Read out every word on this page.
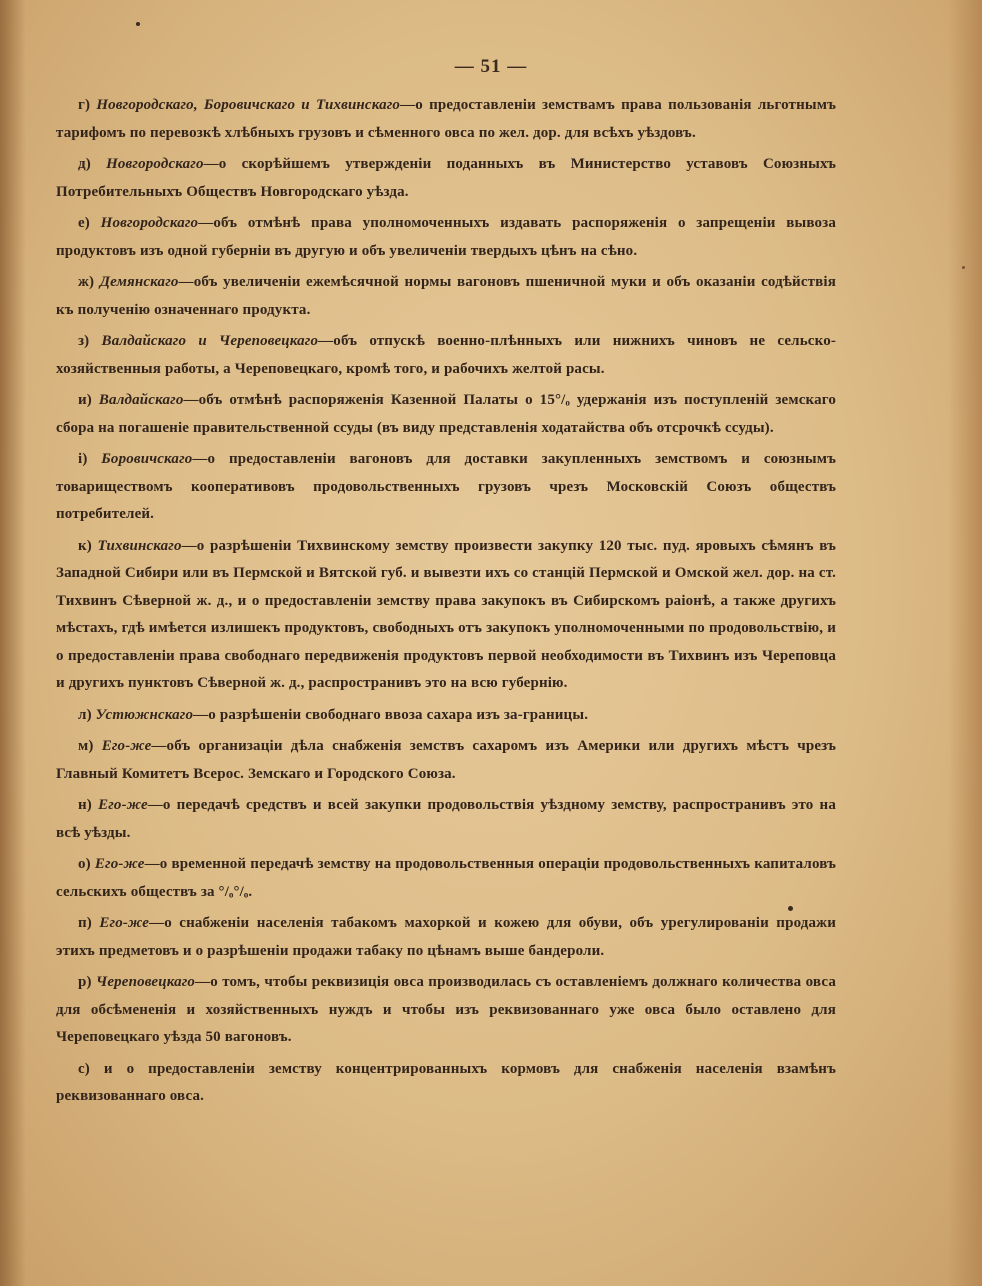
— 51 —

г) Новгородскаго, Боровичскаго и Тихвинскаго—о предоставленіи земствамъ права пользованія льготнымъ тарифомъ по перевозкѣ хлѣбныхъ грузовъ и сѣменного овса по жел. дор. для всѣхъ уѣздовъ.

д) Новгородскаго—о скорѣйшемъ утвержденіи поданныхъ въ Министерство уставовъ Союзныхъ Потребительныхъ Обществъ Новгородскаго уѣзда.

е) Новгородскаго—объ отмѣнѣ права уполномоченныхъ издавать распоряженія о запрещеніи вывоза продуктовъ изъ одной губерніи въ другую и объ увеличеніи твердыхъ цѣнъ на сѣно.

ж) Демянскаго—объ увеличеніи ежемѣсячной нормы вагоновъ пшеничной муки и объ оказаніи содѣйствія къ полученію означеннаго продукта.

з) Валдайскаго и Череповецкаго—объ отпускѣ военно-плѣнныхъ или нижнихъ чиновъ не сельско-хозяйственныя работы, а Череповецкаго, кромѣ того, и рабочихъ желтой расы.

и) Валдайскаго—объ отмѣнѣ распоряженія Казенной Палаты о 15°/ₒ удержанія изъ поступленій земскаго сбора на погашеніе правительственной ссуды (въ виду представленія ходатайства объ отсрочкѣ ссуды).

і) Боровичскаго—о предоставленіи вагоновъ для доставки закупленныхъ земствомъ и союзнымъ товариществомъ кооперативовъ продовольственныхъ грузовъ чрезъ Московскій Союзъ обществъ потребителей.

к) Тихвинскаго—о разрѣшеніи Тихвинскому земству произвести закупку 120 тыс. пуд. яровыхъ сѣмянъ въ Западной Сибири или въ Пермской и Вятской губ. и вывезти ихъ со станцій Пермской и Омской жел. дор. на ст. Тихвинъ Сѣверной ж. д., и о предоставленіи земству права закупокъ въ Сибирскомъ раіонѣ, а также другихъ мѣстахъ, гдѣ имѣется излишекъ продуктовъ, свободныхъ отъ закупокъ уполномоченными по продовольствію, и о предоставленіи права свободнаго передвиженія продуктовъ первой необходимости въ Тихвинъ изъ Череповца и другихъ пунктовъ Сѣверной ж. д., распространивъ это на всю губернію.

л) Устюжнскаго—о разрѣшеніи свободнаго ввоза сахара изъ за-границы.

м) Его-же—объ организаціи дѣла снабженія земствъ сахаромъ изъ Америки или другихъ мѣстъ чрезъ Главный Комитетъ Всерос. Земскаго и Городского Союза.

н) Его-же—о передачѣ средствъ и всей закупки продовольствія уѣздному земству, распространивъ это на всѣ уѣзды.

о) Его-же—о временной передачѣ земству на продовольственныя операціи продовольственныхъ капиталовъ сельскихъ обществъ за °/ₒ°/ₒ.

п) Его-же—о снабженіи населенія табакомъ махоркой и кожею для обуви, объ урегулированіи продажи этихъ предметовъ и о разрѣшеніи продажи табаку по цѣнамъ выше бандероли.

р) Череповецкаго—о томъ, чтобы реквизиція овса производилась съ оставленіемъ должнаго количества овса для обсѣмененія и хозяйственныхъ нуждъ и чтобы изъ реквизованнаго уже овса было оставлено для Череповецкаго уѣзда 50 вагоновъ.

с) и о предоставленіи земству концентрированныхъ кормовъ для снабженія населенія взамѣнъ реквизованнаго овса.
